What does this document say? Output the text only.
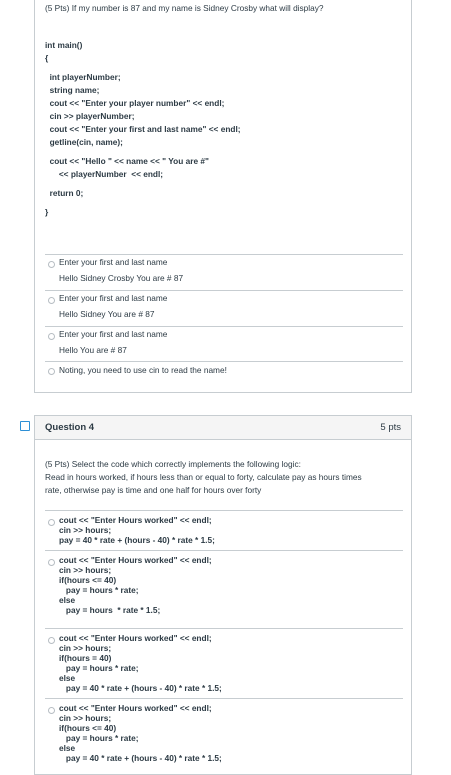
(5 Pts) If my number is 87 and my name is Sidney Crosby what will display?

int main()

{

int playerNumber;

string name;

cout << "Enter your player number" << endl;

cin >> playerNumber;

cout << "Enter your first and last name" << endl;

getline(cin, name);

cout << "Hello " << name << " You are #"

<< playerNumber  << endl;

return 0;

}

Enter your first and last name
Hello Sidney Crosby You are # 87
Enter your first and last name
Hello Sidney You are # 87
Enter your first and last name
Hello You are # 87
Noting, you need to use cin to read the name!
Question 4	5 pts
(5 Pts) Select the code which correctly implements the following logic:
Read in hours worked, if hours less than or equal to forty, calculate pay as hours times
rate, otherwise pay is time and one half for hours over forty
cout << "Enter Hours worked" << endl;
cin >> hours;
pay = 40 * rate + (hours - 40) * rate * 1.5;
cout << "Enter Hours worked" << endl;
cin >> hours;
if(hours <= 40)
pay = hours * rate;
else
pay = hours  * rate * 1.5;
cout << "Enter Hours worked" << endl;
cin >> hours;
if(hours = 40)
pay = hours * rate;
else
pay = 40 * rate + (hours - 40) * rate * 1.5;
cout << "Enter Hours worked" << endl;
cin >> hours;
if(hours <= 40)
pay = hours * rate;
else
pay = 40 * rate + (hours - 40) * rate * 1.5;
